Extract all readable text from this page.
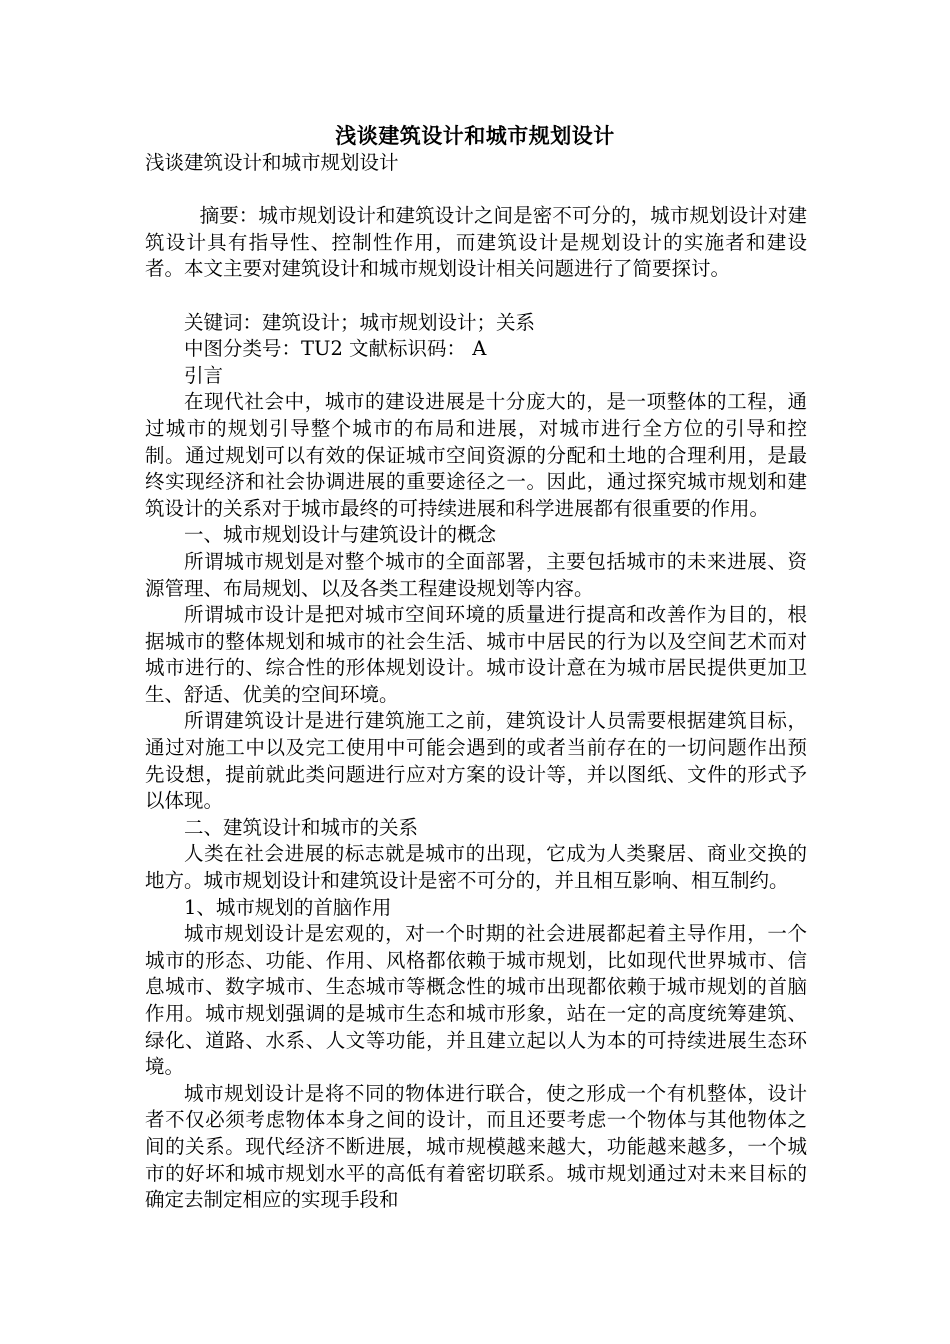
浅谈建筑设计和城市规划设计

浅谈建筑设计和城市规划设计

摘要：城市规划设计和建筑设计之间是密不可分的，城市规划设计对建筑设计具有指导性、控制性作用，而建筑设计是规划设计的实施者和建设者。本文主要对建筑设计和城市规划设计相关问题进行了简要探讨。

关键词：建筑设计；城市规划设计；关系

中图分类号：TU2 文献标识码： A

引言

在现代社会中，城市的建设进展是十分庞大的，是一项整体的工程，通过城市的规划引导整个城市的布局和进展，对城市进行全方位的引导和控制。通过规划可以有效的保证城市空间资源的分配和土地的合理利用，是最终实现经济和社会协调进展的重要途径之一。因此，通过探究城市规划和建筑设计的关系对于城市最终的可持续进展和科学进展都有很重要的作用。

一、城市规划设计与建筑设计的概念

所谓城市规划是对整个城市的全面部署，主要包括城市的未来进展、资源管理、布局规划、以及各类工程建设规划等内容。

所谓城市设计是把对城市空间环境的质量进行提高和改善作为目的，根据城市的整体规划和城市的社会生活、城市中居民的行为以及空间艺术而对城市进行的、综合性的形体规划设计。城市设计意在为城市居民提供更加卫生、舒适、优美的空间环境。

所谓建筑设计是进行建筑施工之前，建筑设计人员需要根据建筑目标，通过对施工中以及完工使用中可能会遇到的或者当前存在的一切问题作出预先设想，提前就此类问题进行应对方案的设计等，并以图纸、文件的形式予以体现。

二、建筑设计和城市的关系

人类在社会进展的标志就是城市的出现，它成为人类聚居、商业交换的地方。城市规划设计和建筑设计是密不可分的，并且相互影响、相互制约。

1、城市规划的首脑作用

城市规划设计是宏观的，对一个时期的社会进展都起着主导作用，一个城市的形态、功能、作用、风格都依赖于城市规划，比如现代世界城市、信息城市、数字城市、生态城市等概念性的城市出现都依赖于城市规划的首脑作用。城市规划强调的是城市生态和城市形象，站在一定的高度统筹建筑、绿化、道路、水系、人文等功能，并且建立起以人为本的可持续进展生态环境。

城市规划设计是将不同的物体进行联合，使之形成一个有机整体，设计者不仅必须考虑物体本身之间的设计，而且还要考虑一个物体与其他物体之间的关系。现代经济不断进展，城市规模越来越大，功能越来越多，一个城市的好坏和城市规划水平的高低有着密切联系。城市规划通过对未来目标的确定去制定相应的实现手段和
